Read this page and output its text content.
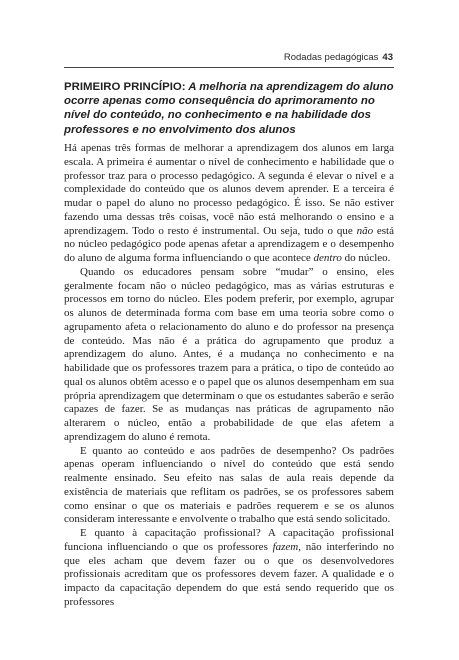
Rodadas pedagógicas 43
PRIMEIRO PRINCÍPIO: A melhoria na aprendizagem do aluno ocorre apenas como consequência do aprimoramento no nível do conteúdo, no conhecimento e na habilidade dos professores e no envolvimento dos alunos

Há apenas três formas de melhorar a aprendizagem dos alunos em larga escala. A primeira é aumentar o nível de conhecimento e habilidade que o professor traz para o processo pedagógico. A segunda é elevar o nível e a complexidade do conteúdo que os alunos devem aprender. E a terceira é mudar o papel do aluno no processo pedagógico. É isso. Se não estiver fazendo uma dessas três coisas, você não está melhorando o ensino e a aprendizagem. Todo o resto é instrumental. Ou seja, tudo o que não está no núcleo pedagógico pode apenas afetar a aprendizagem e o desempenho do aluno de alguma forma influenciando o que acontece dentro do núcleo.

Quando os educadores pensam sobre “mudar” o ensino, eles geralmente focam não o núcleo pedagógico, mas as várias estruturas e processos em torno do núcleo. Eles podem preferir, por exemplo, agrupar os alunos de determinada forma com base em uma teoria sobre como o agrupamento afeta o relacionamento do aluno e do professor na presença de conteúdo. Mas não é a prática do agrupamento que produz a aprendizagem do aluno. Antes, é a mudança no conhecimento e na habilidade que os professores trazem para a prática, o tipo de conteúdo ao qual os alunos obtêm acesso e o papel que os alunos desempenham em sua própria aprendizagem que determinam o que os estudantes saberão e serão capazes de fazer. Se as mudanças nas práticas de agrupamento não alterarem o núcleo, então a probabilidade de que elas afetem a aprendizagem do aluno é remota.

E quanto ao conteúdo e aos padrões de desempenho? Os padrões apenas operam influenciando o nível do conteúdo que está sendo realmente ensinado. Seu efeito nas salas de aula reais depende da existência de materiais que reflitam os padrões, se os professores sabem como ensinar o que os materiais e padrões requerem e se os alunos consideram interessante e envolvente o trabalho que está sendo solicitado.

E quanto à capacitação profissional? A capacitação profissional funciona influenciando o que os professores fazem, não interferindo no que eles acham que devem fazer ou o que os desenvolvedores profissionais acreditam que os professores devem fazer. A qualidade e o impacto da capacitação dependem do que está sendo requerido que os professores
